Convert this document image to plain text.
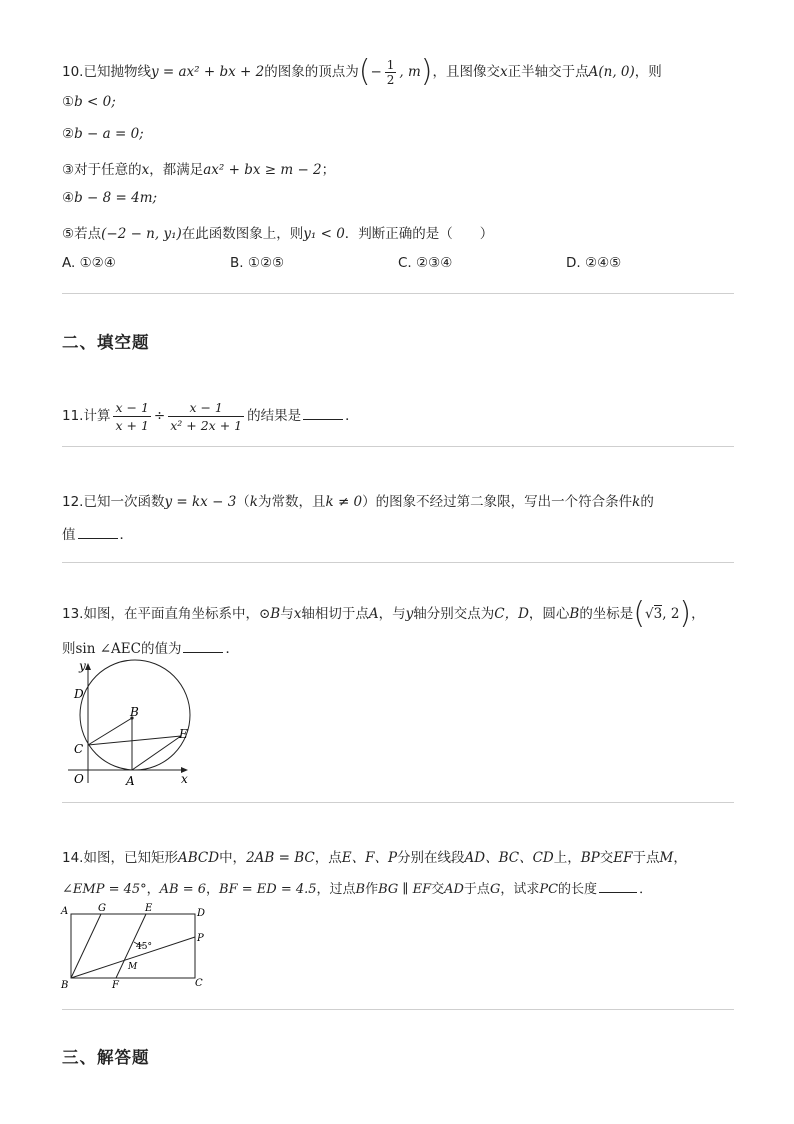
10.已知抛物线y = ax² + bx + 2的图象的顶点为(− $\frac{1}{2}$ , m)，且图像交x正半轴交于点A(n, 0)，则
①b < 0;
②b − a = 0;
③对于任意的x，都满足ax² + bx ≥ m − 2；
④b − 8 = 4m;
⑤若点(−2 − n, y₁)在此函数图象上，则y₁ < 0．判断正确的是（　　）
A. ①②④	B. ①②⑤	C. ②③④	D. ②④⑤
二、填空题
11.计算 $\frac{x - 1}{x + 1} \div \frac{x - 1}{\text{x² + 2x + 1}}$ 的结果是	．
12.已知一次函数y = kx − 3（k为常数，且k ≠ 0）的图象不经过第二象限，写出一个符合条件k的
值	．
13.如图，在平面直角坐标系中，⊙B与x轴相切于点A，与y轴分别交点为C，D，圆心B的坐标是(√3, 2)，
则sin ∠AEC的值为	．
y
x
O	A
B
C
D
E
14.如图，已知矩形ABCD中，2AB = BC，点E、F、P分别在线段AD、BC、CD上，BP交EF于点M，
∠EMP = 45°，AB = 6，BF = ED = 4.5，过点B作BG ∥ EF交AD于点G，试求PC的长度	．
A	G	E	D
P
B	F	C
M
45°
三、解答题
